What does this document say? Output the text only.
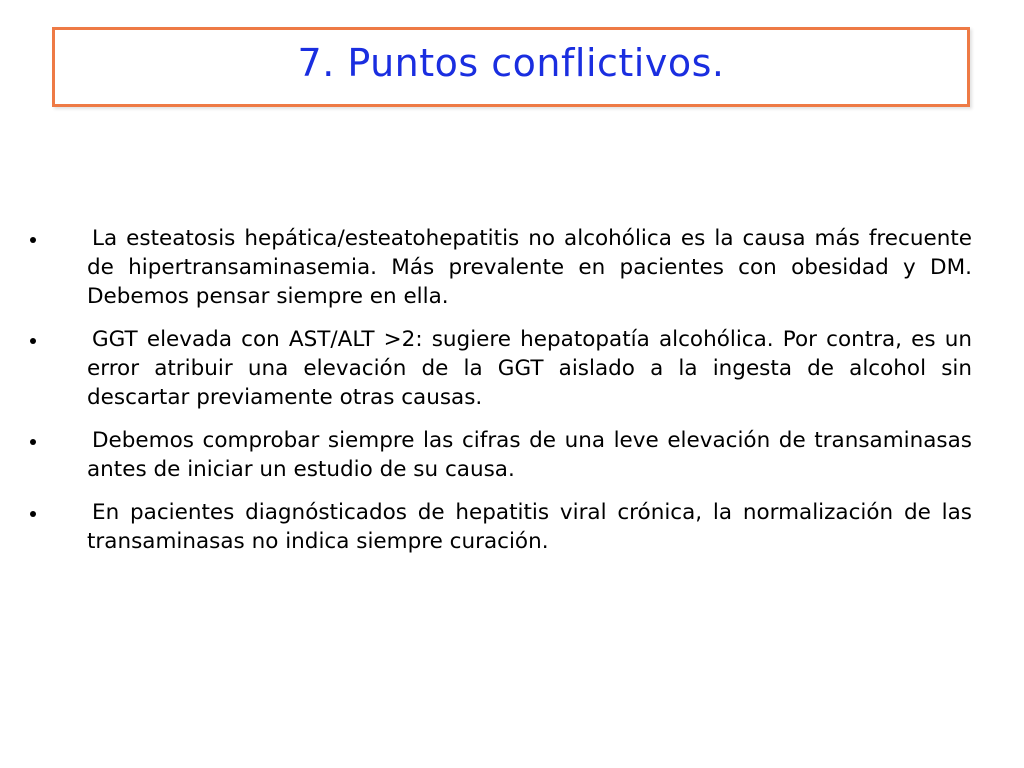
7. Puntos conflictivos.
La esteatosis hepática/esteatohepatitis no alcohólica es la causa más frecuente de hipertransaminasemia. Más prevalente en pacientes con obesidad y DM. Debemos pensar siempre en ella.
GGT elevada con AST/ALT >2: sugiere hepatopatía alcohólica. Por contra, es un error atribuir una elevación de la GGT aislado a la ingesta de alcohol sin descartar previamente otras causas.
Debemos comprobar siempre las cifras de una leve elevación de transaminasas antes de iniciar un estudio de su causa.
En pacientes diagnósticados de hepatitis viral crónica, la normalización de las transaminasas no indica siempre curación.
